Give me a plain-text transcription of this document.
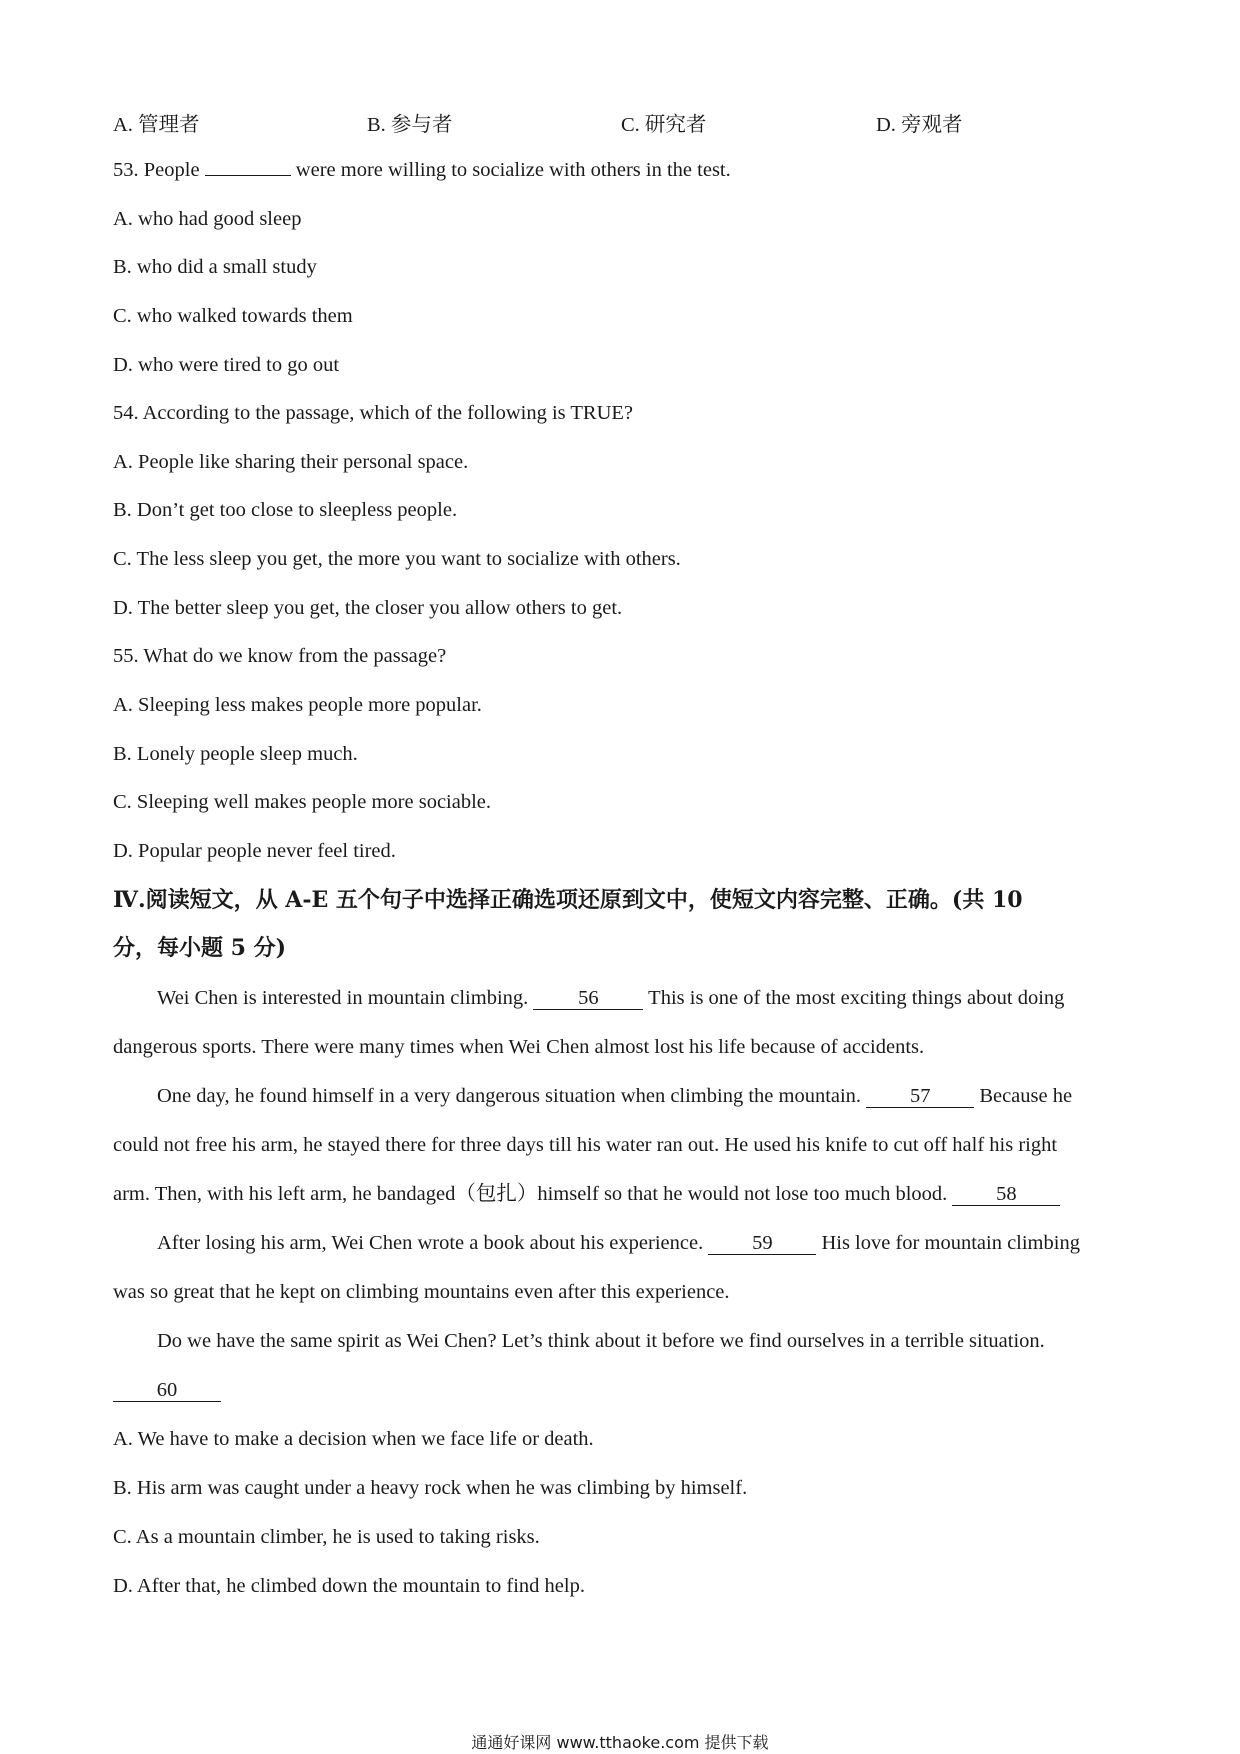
A. 管理者	B. 参与者	C. 研究者	D. 旁观者
53. People	were more willing to socialize with others in the test.
A. who had good sleep
B. who did a small study
C. who walked towards them
D. who were tired to go out
54. According to the passage, which of the following is TRUE?
A. People like sharing their personal space.
B. Don’t get too close to sleepless people.
C. The less sleep you get, the more you want to socialize with others.
D. The better sleep you get, the closer you allow others to get.
55. What do we know from the passage?
A. Sleeping less makes people more popular.
B. Lonely people sleep much.
C. Sleeping well makes people more sociable.
D. Popular people never feel tired.
Ⅳ.阅读短文，从 A-E 五个句子中选择正确选项还原到文中，使短文内容完整、正确。(共 10
分，每小题 5 分)
Wei Chen is interested in mountain climbing. 56 This is one of the most exciting things about doing
dangerous sports. There were many times when Wei Chen almost lost his life because of accidents.
One day, he found himself in a very dangerous situation when climbing the mountain. 57 Because he
could not free his arm, he stayed there for three days till his water ran out. He used his knife to cut off half his right
arm. Then, with his left arm, he bandaged（包扎）himself so that he would not lose too much blood. 58
After losing his arm, Wei Chen wrote a book about his experience. 59 His love for mountain climbing
was so great that he kept on climbing mountains even after this experience.
Do we have the same spirit as Wei Chen? Let’s think about it before we find ourselves in a terrible situation.
60
A. We have to make a decision when we face life or death.
B. His arm was caught under a heavy rock when he was climbing by himself.
C. As a mountain climber, he is used to taking risks.
D. After that, he climbed down the mountain to find help.
通通好课网 www.tthaoke.com 提供下载
